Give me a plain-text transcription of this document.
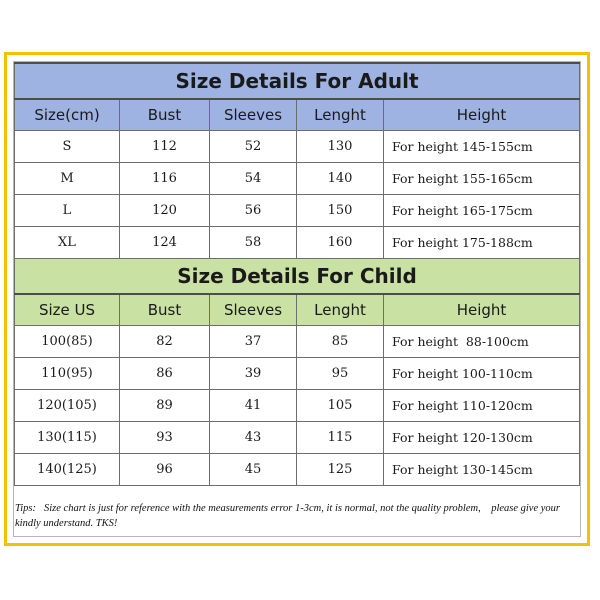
Size Details For Adult				
Size(cm)	Bust	Sleeves	Lenght	Height
S	112	52	130	For height 145-155cm
M	116	54	140	For height 155-165cm
L	120	56	150	For height 165-175cm
XL	124	58	160	For height 175-188cm
Size Details For Child				
Size US	Bust	Sleeves	Lenght	Height
100(85)	82	37	85	For height  88-100cm
110(95)	86	39	95	For height 100-110cm
120(105)	89	41	105	For height 110-120cm
130(115)	93	43	115	For height 120-130cm
140(125)	96	45	125	For height 130-145cm
Tips: Size chart is just for reference with the measurements error 1-3cm, it is normal, not the quality problem,    please give your kindly understand. TKS!
